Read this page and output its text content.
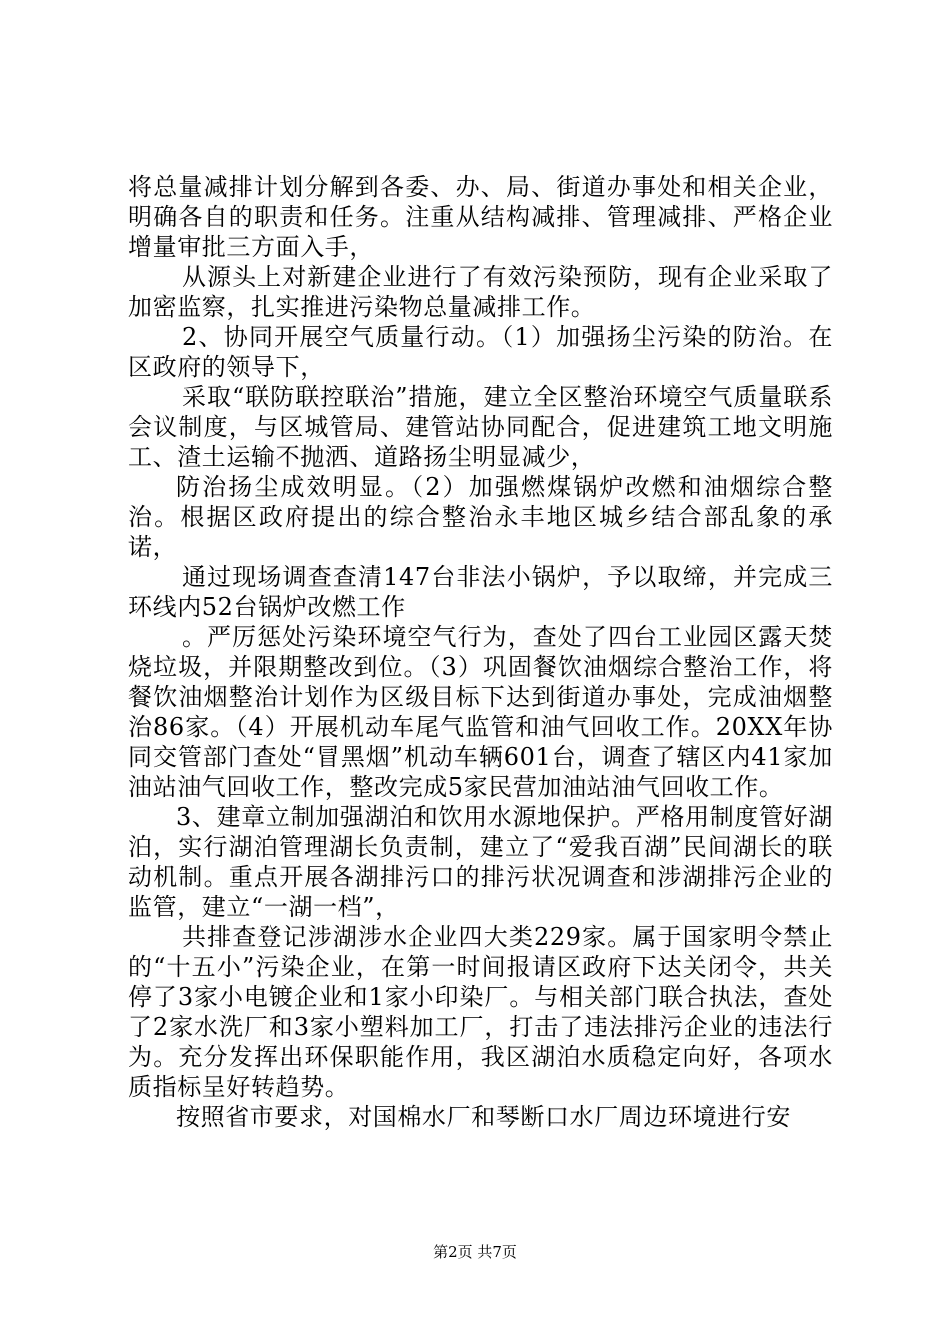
将总量减排计划分解到各委、办、局、街道办事处和相关企业，明确各自的职责和任务。注重从结构减排、管理减排、严格企业增量审批三方面入手，

从源头上对新建企业进行了有效污染预防，现有企业采取了加密监察，扎实推进污染物总量减排工作。

2、协同开展空气质量行动。（1）加强扬尘污染的防治。在区政府的领导下，

采取“联防联控联治”措施，建立全区整治环境空气质量联系会议制度，与区城管局、建管站协同配合，促进建筑工地文明施工、渣土运输不抛洒、道路扬尘明显减少，

防治扬尘成效明显。（2）加强燃煤锅炉改燃和油烟综合整治。根据区政府提出的综合整治永丰地区城乡结合部乱象的承诺，

通过现场调查查清147台非法小锅炉，予以取缔，并完成三环线内52台锅炉改燃工作

。严厉惩处污染环境空气行为，查处了四台工业园区露天焚烧垃圾，并限期整改到位。（3）巩固餐饮油烟综合整治工作，将餐饮油烟整治计划作为区级目标下达到街道办事处，完成油烟整治86家。（4）开展机动车尾气监管和油气回收工作。20XX年协同交管部门查处“冒黑烟”机动车辆601台，调查了辖区内41家加油站油气回收工作，整改完成5家民营加油站油气回收工作。

3、建章立制加强湖泊和饮用水源地保护。严格用制度管好湖泊，实行湖泊管理湖长负责制，建立了“爱我百湖”民间湖长的联动机制。重点开展各湖排污口的排污状况调查和涉湖排污企业的监管，建立“一湖一档”，

共排查登记涉湖涉水企业四大类229家。属于国家明令禁止的“十五小”污染企业，在第一时间报请区政府下达关闭令，共关停了3家小电镀企业和1家小印染厂。与相关部门联合执法，查处了2家水洗厂和3家小塑料加工厂，打击了违法排污企业的违法行为。充分发挥出环保职能作用，我区湖泊水质稳定向好，各项水质指标呈好转趋势。

按照省市要求，对国棉水厂和琴断口水厂周边环境进行安

第2页 共7页
